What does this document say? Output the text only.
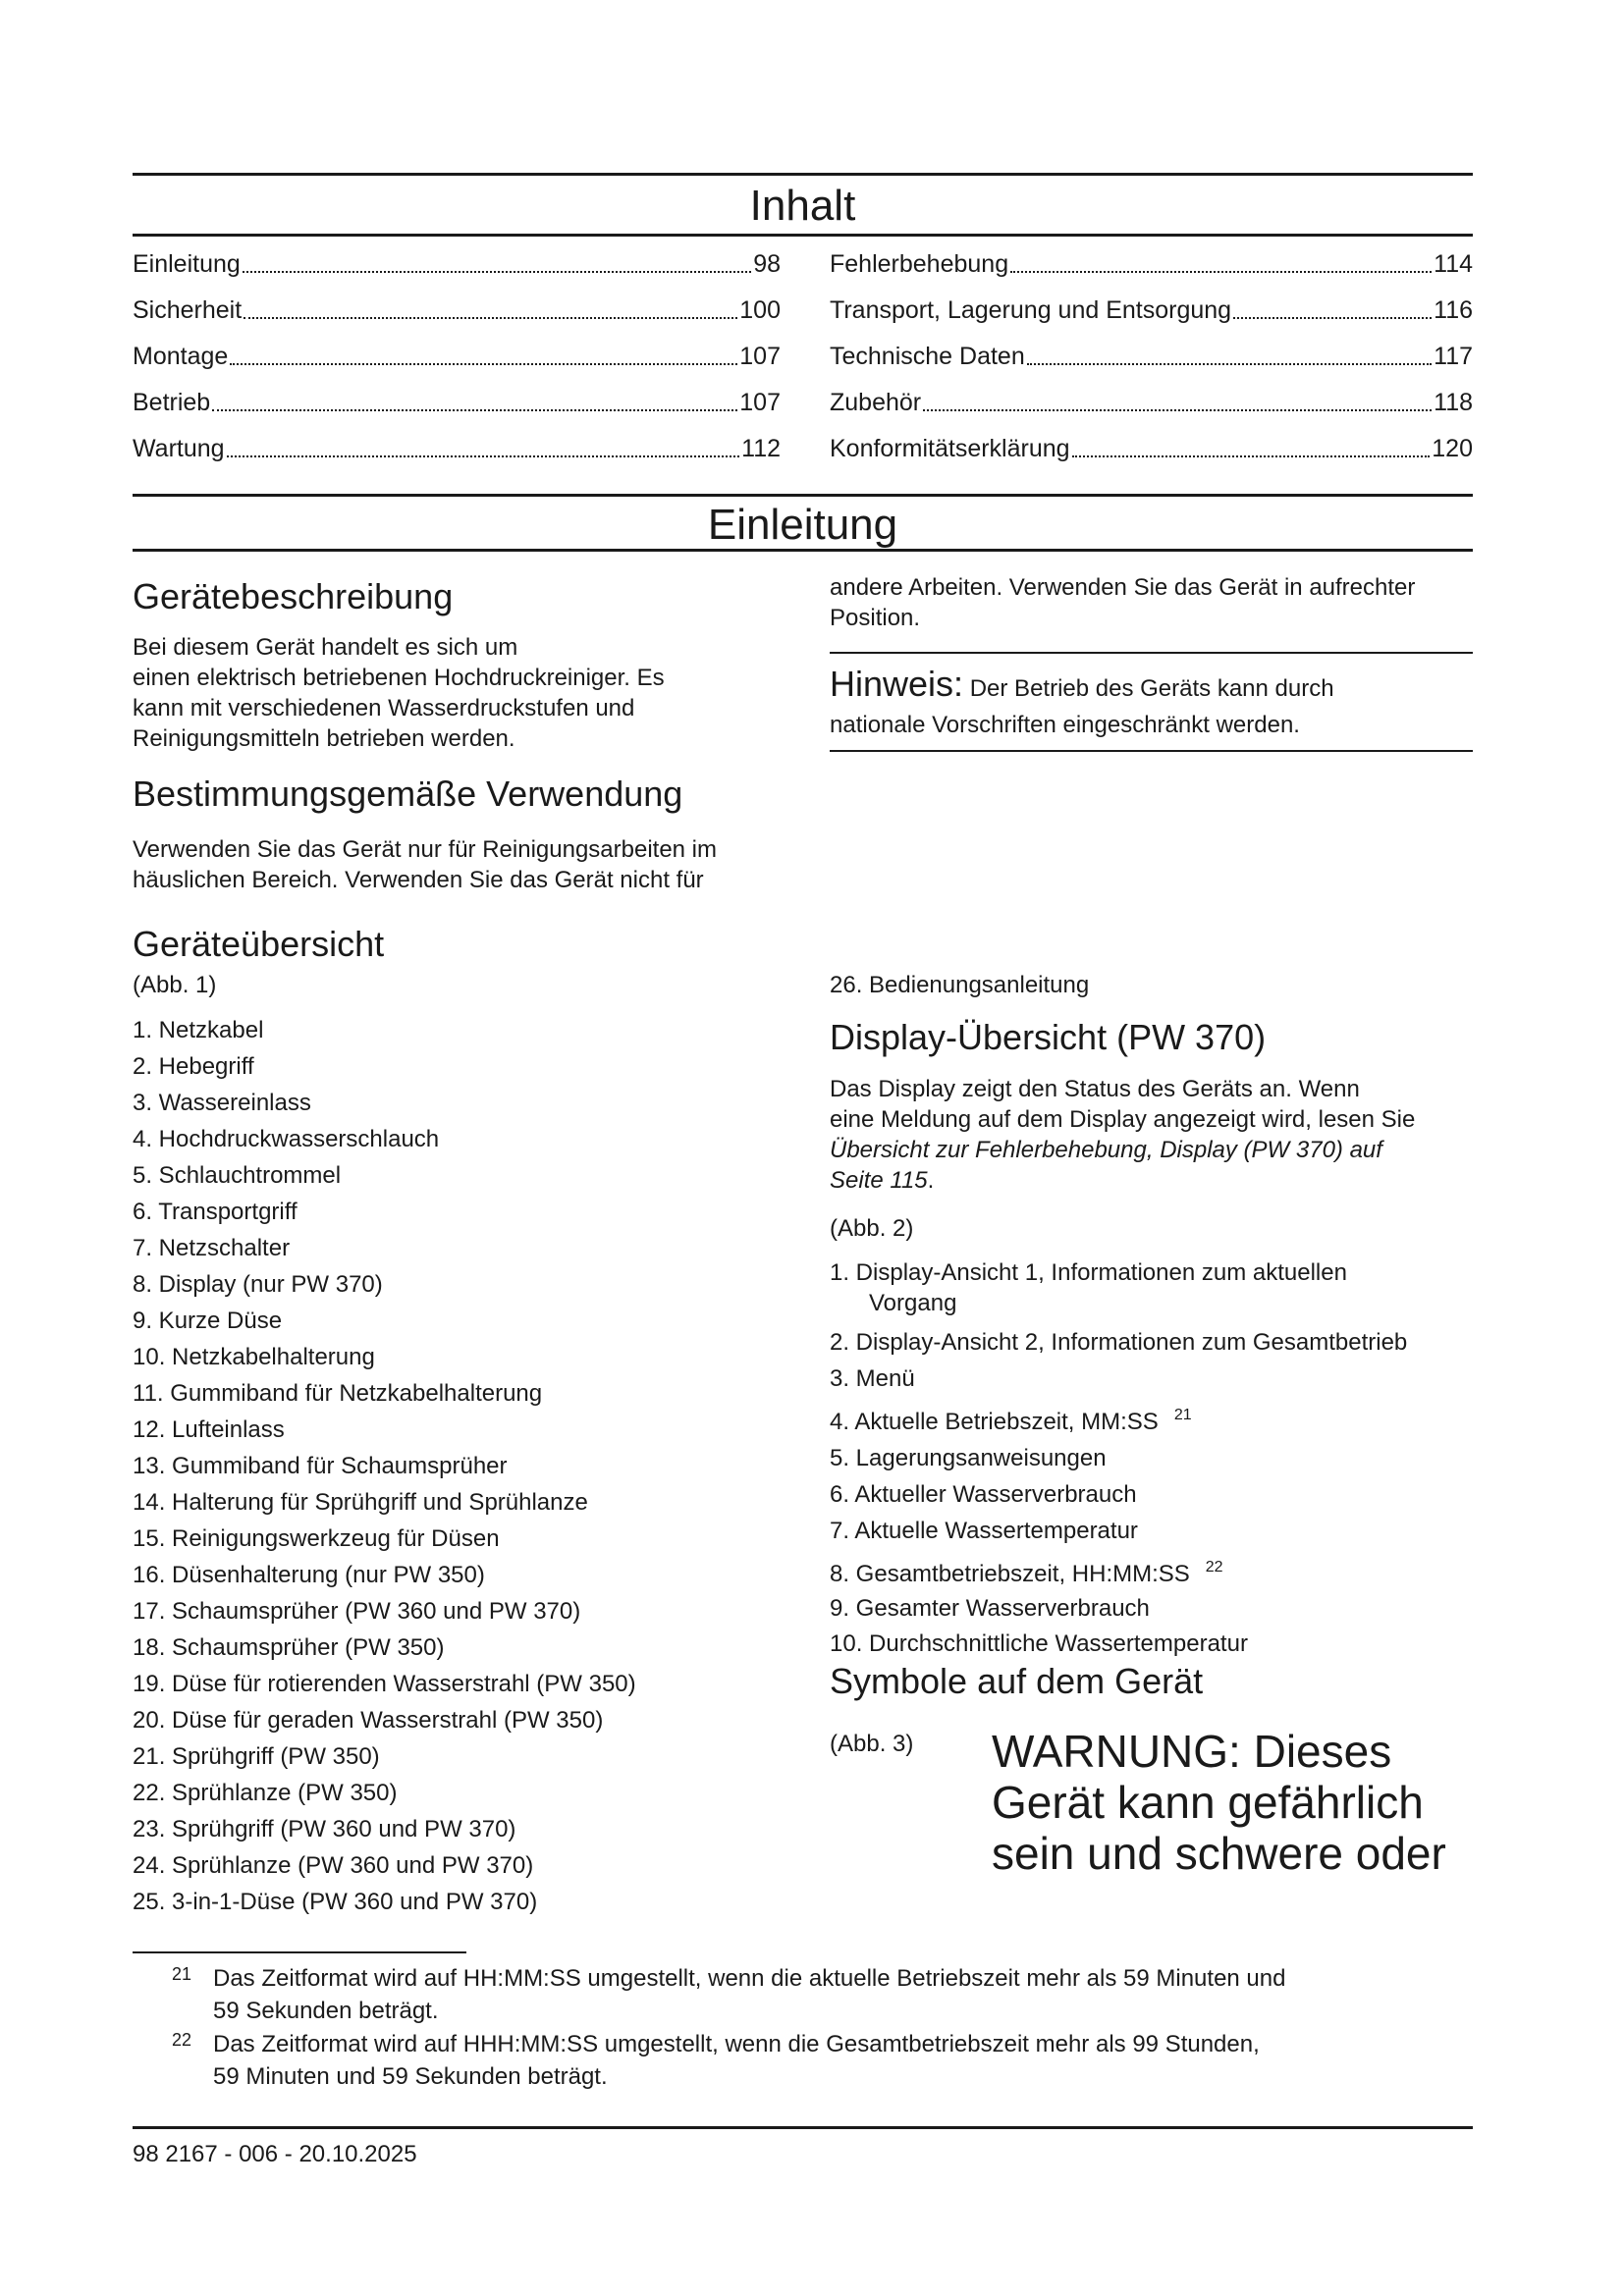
Inhalt
Einleitung	98
Sicherheit	100
Montage	107
Betrieb	107
Wartung	112
Fehlerbehebung	114
Transport, Lagerung und Entsorgung	116
Technische Daten	117
Zubehör	118
Konformitätserklärung	120
Einleitung
Gerätebeschreibung

Bei diesem Gerät handelt es sich um
einen elektrisch betriebenen Hochdruckreiniger. Es
kann mit verschiedenen Wasserdruckstufen und
Reinigungsmitteln betrieben werden.

Bestimmungsgemäße Verwendung

Verwenden Sie das Gerät nur für Reinigungsarbeiten im
häuslichen Bereich. Verwenden Sie das Gerät nicht für

andere Arbeiten. Verwenden Sie das Gerät in aufrechter
Position.

Hinweis: Der Betrieb des Geräts kann durch
nationale Vorschriften eingeschränkt werden.

Geräteübersicht

(Abb. 1)

1. Netzkabel
2. Hebegriff
3. Wassereinlass
4. Hochdruckwasserschlauch
5. Schlauchtrommel
6. Transportgriff
7. Netzschalter
8. Display (nur PW 370)
9. Kurze Düse
10. Netzkabelhalterung
11. Gummiband für Netzkabelhalterung
12. Lufteinlass
13. Gummiband für Schaumsprüher
14. Halterung für Sprühgriff und Sprühlanze
15. Reinigungswerkzeug für Düsen
16. Düsenhalterung (nur PW 350)
17. Schaumsprüher (PW 360 und PW 370)
18. Schaumsprüher (PW 350)
19. Düse für rotierenden Wasserstrahl (PW 350)
20. Düse für geraden Wasserstrahl (PW 350)
21. Sprühgriff (PW 350)
22. Sprühlanze (PW 350)
23. Sprühgriff (PW 360 und PW 370)
24. Sprühlanze (PW 360 und PW 370)
25. 3-in-1-Düse (PW 360 und PW 370)

26. Bedienungsanleitung

Display-Übersicht (PW 370)

Das Display zeigt den Status des Geräts an. Wenn
eine Meldung auf dem Display angezeigt wird, lesen Sie
Übersicht zur Fehlerbehebung, Display (PW 370) auf
Seite 115.

(Abb. 2)

1. Display-Ansicht 1, Informationen zum aktuellen
Vorgang
2. Display-Ansicht 2, Informationen zum Gesamtbetrieb
3. Menü
4. Aktuelle Betriebszeit, MM:SS $^{21}$
5. Lagerungsanweisungen
6. Aktueller Wasserverbrauch
7. Aktuelle Wassertemperatur
8. Gesamtbetriebszeit, HH:MM:SS $^{22}$
9. Gesamter Wasserverbrauch
10. Durchschnittliche Wassertemperatur
Symbole auf dem Gerät

(Abb. 3) WARNUNG: Dieses
Gerät kann gefährlich
sein und schwere oder

21 Das Zeitformat wird auf HH:MM:SS umgestellt, wenn die aktuelle Betriebszeit mehr als 59 Minuten und
59 Sekunden beträgt.
22 Das Zeitformat wird auf HHH:MM:SS umgestellt, wenn die Gesamtbetriebszeit mehr als 99 Stunden,
59 Minuten und 59 Sekunden beträgt.
98 2167 - 006 - 20.10.2025
